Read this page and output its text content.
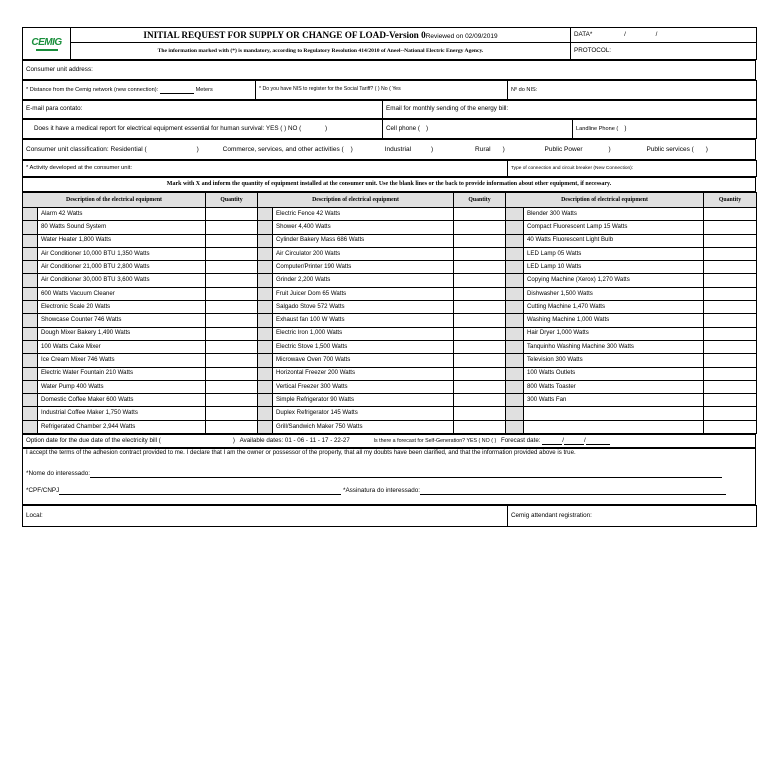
CEMIG	INITIAL REQUEST FOR SUPPLY OR CHANGE OF LOAD-Version 0Reviewed on 02/09/2019	DATA* / /
	The information marked with (*) is mandatory, according to Regulatory Resolution 414/2010 of Aneel--National Electric Energy Agency.	PROTOCOL:
Consumer unit address:
* Distance from the Cemig network (new connection):	Meters	* Do you have NIS to register for the Social Tariff? ( ) No ( Yes	Nº do NIS:
E-mail para contato:	Email for monthly sending of the energy bill:
Does it have a medical report for electrical equipment essential for human survival: YES ( ) NO (	)	Cell phone ( )	Landline Phone ( )
Consumer unit classification: Residential (	)	Commerce, services, and other activities ( )	Industrial	)	Rural )	Public Power	)	Public services ( )
* Activity developed at the consumer unit:	Type of connection and circuit breaker (New Connection):
Mark with X and inform the quantity of equipment installed at the consumer unit. Use the blank lines or the back to provide information about other equipment, if necessary.
Description of the electrical equipment		Quantity	Description of electrical equipment		Quantity	Description of electrical equipment		Quantity
	Alarm 42 Watts			Electric Fence 42 Watts			Blender 300 Watts	
	80 Watts Sound System			Shower 4,400 Watts			Compact Fluorescent Lamp 15 Watts	
	Water Heater 1,800 Watts			Cylinder Bakery Mass 686 Watts			40 Watts Fluorescent Light Bulb	
	Air Conditioner 10,000 BTU 1,350 Watts			Air Circulator 200 Watts			LED Lamp 05 Watts	
	Air Conditioner 21,000 BTU 2,800 Watts			Computer/Printer 190 Watts			LED Lamp 10 Watts	
	Air Conditioner 30,000 BTU 3,600 Watts			Grinder 2,200 Watts			Copying Machine (Xerox) 1,270 Watts	
	600 Watts Vacuum Cleaner			Fruit Juicer Dom 65 Watts			Dishwasher 1,500 Watts	
	Electronic Scale 20 Watts			Salgado Stove 572 Watts			Cutting Machine 1,470 Watts	
	Showcase Counter 746 Watts			Exhaust fan 100 W Watts			Washing Machine 1,000 Watts	
	Dough Mixer Bakery 1,490 Watts			Electric Iron 1,000 Watts			Hair Dryer 1,000 Watts	
	100 Watts Cake Mixer			Electric Stove 1,500 Watts			Tanquinho Washing Machine 300 Watts	
	Ice Cream Mixer 746 Watts			Microwave Oven 700 Watts			Television 300 Watts	
	Electric Water Fountain 210 Watts			Horizontal Freezer 200 Watts			100 Watts Outlets	
	Water Pump 400 Watts			Vertical Freezer 300 Watts			800 Watts Toaster	
	Domestic Coffee Maker 600 Watts			Simple Refrigerator 90 Watts			300 Watts Fan	
	Industrial Coffee Maker 1,750 Watts			Duplex Refrigerator 145 Watts				
	Refrigerated Chamber 2,944 Watts			Grill/Sandwich Maker 750 Watts				
Option date for the due date of the electricity bill (	) Available dates: 01 - 06 - 11 - 17 - 22-27	Is there a forecast for Self-Generation? YES ( NO ( ) Forecast date:	/	/
I accept the terms of the adhesion contract provided to me. I declare that I am the owner or possessor of the property, that all my doubts have been clarified, and that the information provided above is true.
*Nome do interessado:
*CPF/CNPJ	*Assinatura do interessado:
Local:	Cemig attendant registration:
